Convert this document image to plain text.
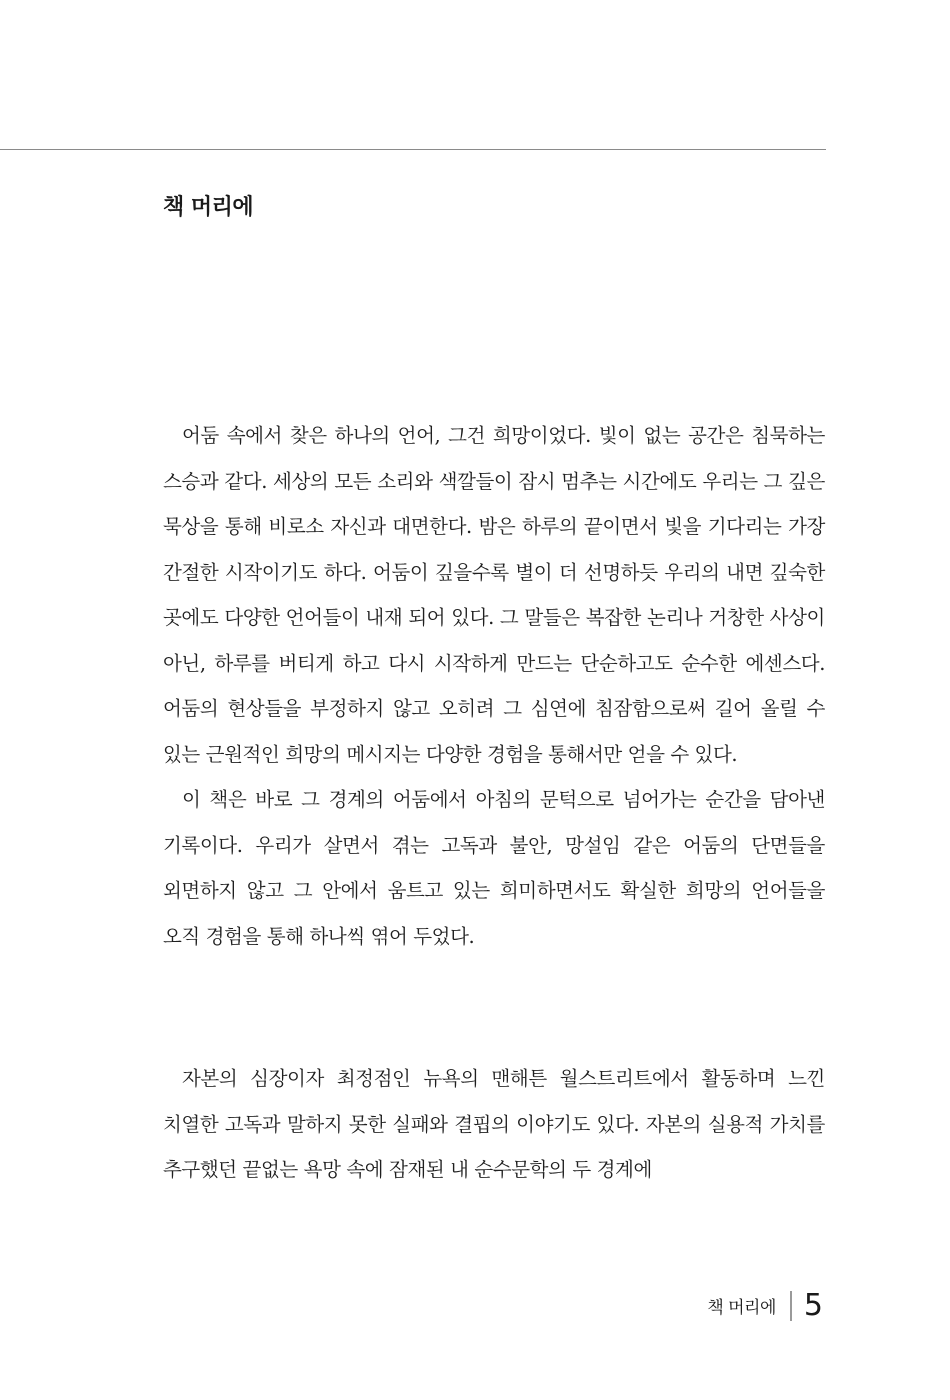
책 머리에

어둠 속에서 찾은 하나의 언어, 그건 희망이었다. 빛이 없는 공간은 침묵하는 스승과 같다. 세상의 모든 소리와 색깔들이 잠시 멈추는 시간에도 우리는 그 깊은 묵상을 통해 비로소 자신과 대면한다. 밤은 하루의 끝이면서 빛을 기다리는 가장 간절한 시작이기도 하다. 어둠이 깊을수록 별이 더 선명하듯 우리의 내면 깊숙한 곳에도 다양한 언어들이 내재 되어 있다. 그 말들은 복잡한 논리나 거창한 사상이 아닌, 하루를 버티게 하고 다시 시작하게 만드는 단순하고도 순수한 에센스다. 어둠의 현상들을 부정하지 않고 오히려 그 심연에 침잠함으로써 길어 올릴 수 있는 근원적인 희망의 메시지는 다양한 경험을 통해서만 얻을 수 있다.

이 책은 바로 그 경계의 어둠에서 아침의 문턱으로 넘어가는 순간을 담아낸 기록이다. 우리가 살면서 겪는 고독과 불안, 망설임 같은 어둠의 단면들을 외면하지 않고 그 안에서 움트고 있는 희미하면서도 확실한 희망의 언어들을 오직 경험을 통해 하나씩 엮어 두었다.

자본의 심장이자 최정점인 뉴욕의 맨해튼 월스트리트에서 활동하며 느낀 치열한 고독과 말하지 못한 실패와 결핍의 이야기도 있다. 자본의 실용적 가치를 추구했던 끝없는 욕망 속에 잠재된 내 순수문학의 두 경계에

책 머리에 5
